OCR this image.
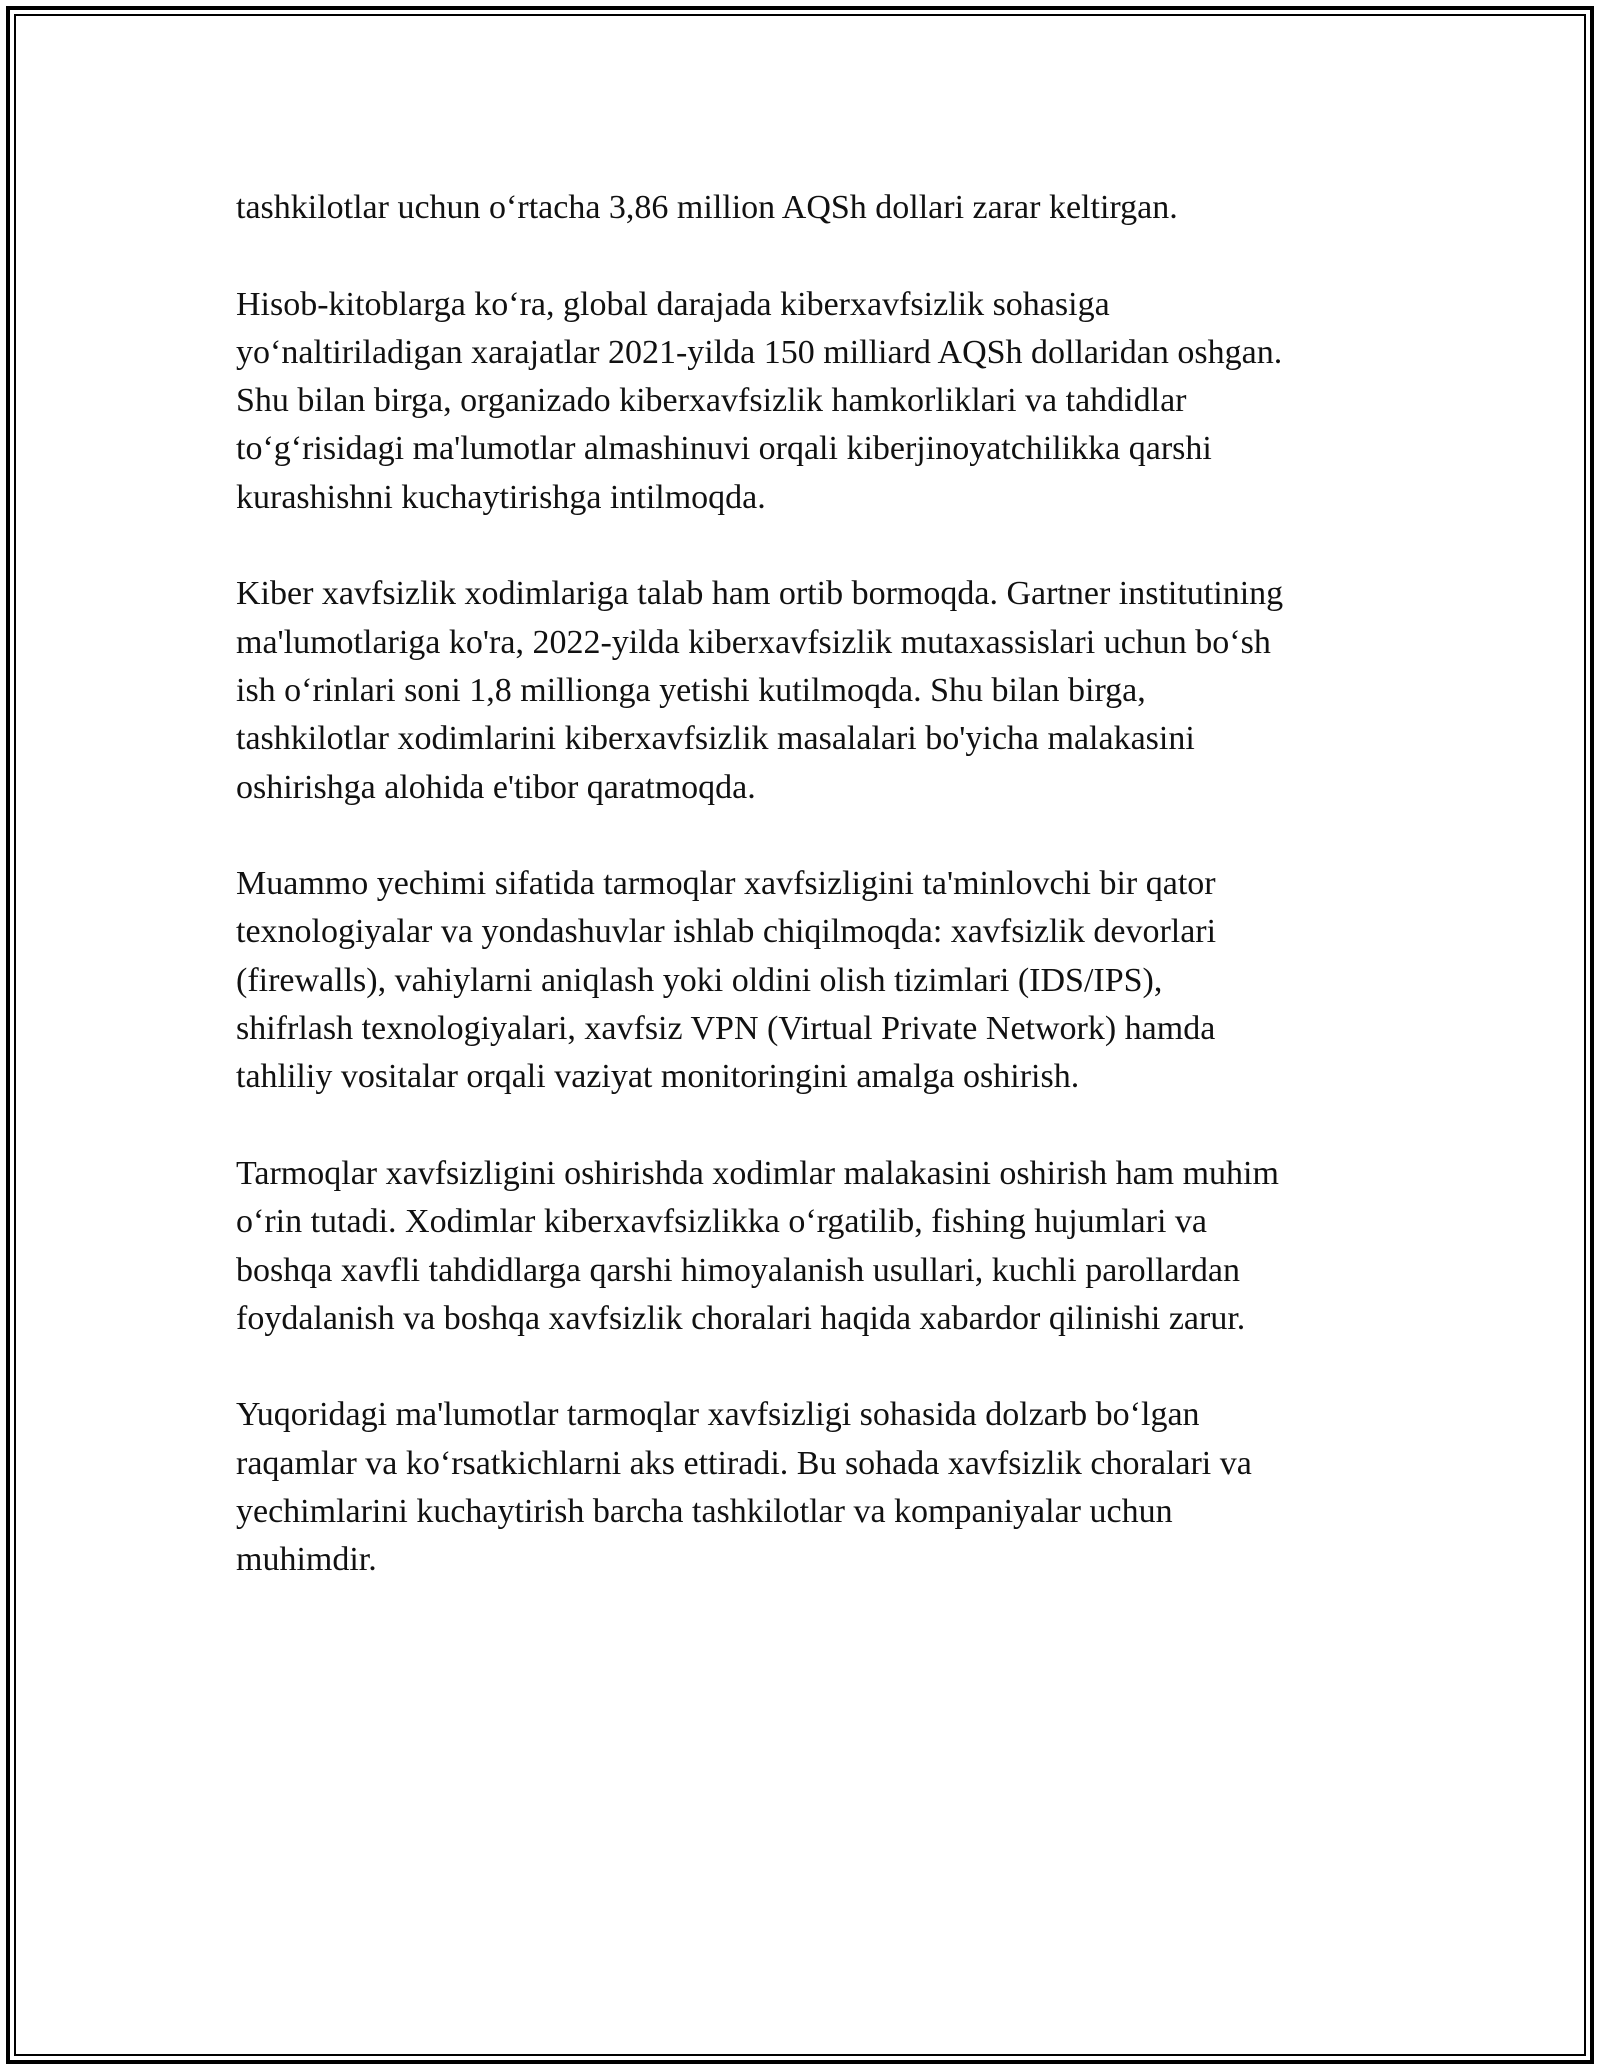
tashkilotlar uchun o‘rtacha 3,86 million AQSh dollari zarar keltirgan.

Hisob-kitoblarga ko‘ra, global darajada kiberxavfsizlik sohasiga
yo‘naltiriladigan xarajatlar 2021-yilda 150 milliard AQSh dollaridan oshgan.
Shu bilan birga, organizado kiberxavfsizlik hamkorliklari va tahdidlar
to‘g‘risidagi ma'lumotlar almashinuvi orqali kiberjinoyatchilikka qarshi
kurashishni kuchaytirishga intilmoqda.

Kiber xavfsizlik xodimlariga talab ham ortib bormoqda. Gartner institutining
ma'lumotlariga ko'ra, 2022-yilda kiberxavfsizlik mutaxassislari uchun bo‘sh
ish o‘rinlari soni 1,8 millionga yetishi kutilmoqda. Shu bilan birga,
tashkilotlar xodimlarini kiberxavfsizlik masalalari bo'yicha malakasini
oshirishga alohida e'tibor qaratmoqda.

Muammo yechimi sifatida tarmoqlar xavfsizligini ta'minlovchi bir qator
texnologiyalar va yondashuvlar ishlab chiqilmoqda: xavfsizlik devorlari
(firewalls), vahiylarni aniqlash yoki oldini olish tizimlari (IDS/IPS),
shifrlash texnologiyalari, xavfsiz VPN (Virtual Private Network) hamda
tahliliy vositalar orqali vaziyat monitoringini amalga oshirish.

Tarmoqlar xavfsizligini oshirishda xodimlar malakasini oshirish ham muhim
o‘rin tutadi. Xodimlar kiberxavfsizlikka o‘rgatilib, fishing hujumlari va
boshqa xavfli tahdidlarga qarshi himoyalanish usullari, kuchli parollardan
foydalanish va boshqa xavfsizlik choralari haqida xabardor qilinishi zarur.

Yuqoridagi ma'lumotlar tarmoqlar xavfsizligi sohasida dolzarb bo‘lgan
raqamlar va ko‘rsatkichlarni aks ettiradi. Bu sohada xavfsizlik choralari va
yechimlarini kuchaytirish barcha tashkilotlar va kompaniyalar uchun
muhimdir.
